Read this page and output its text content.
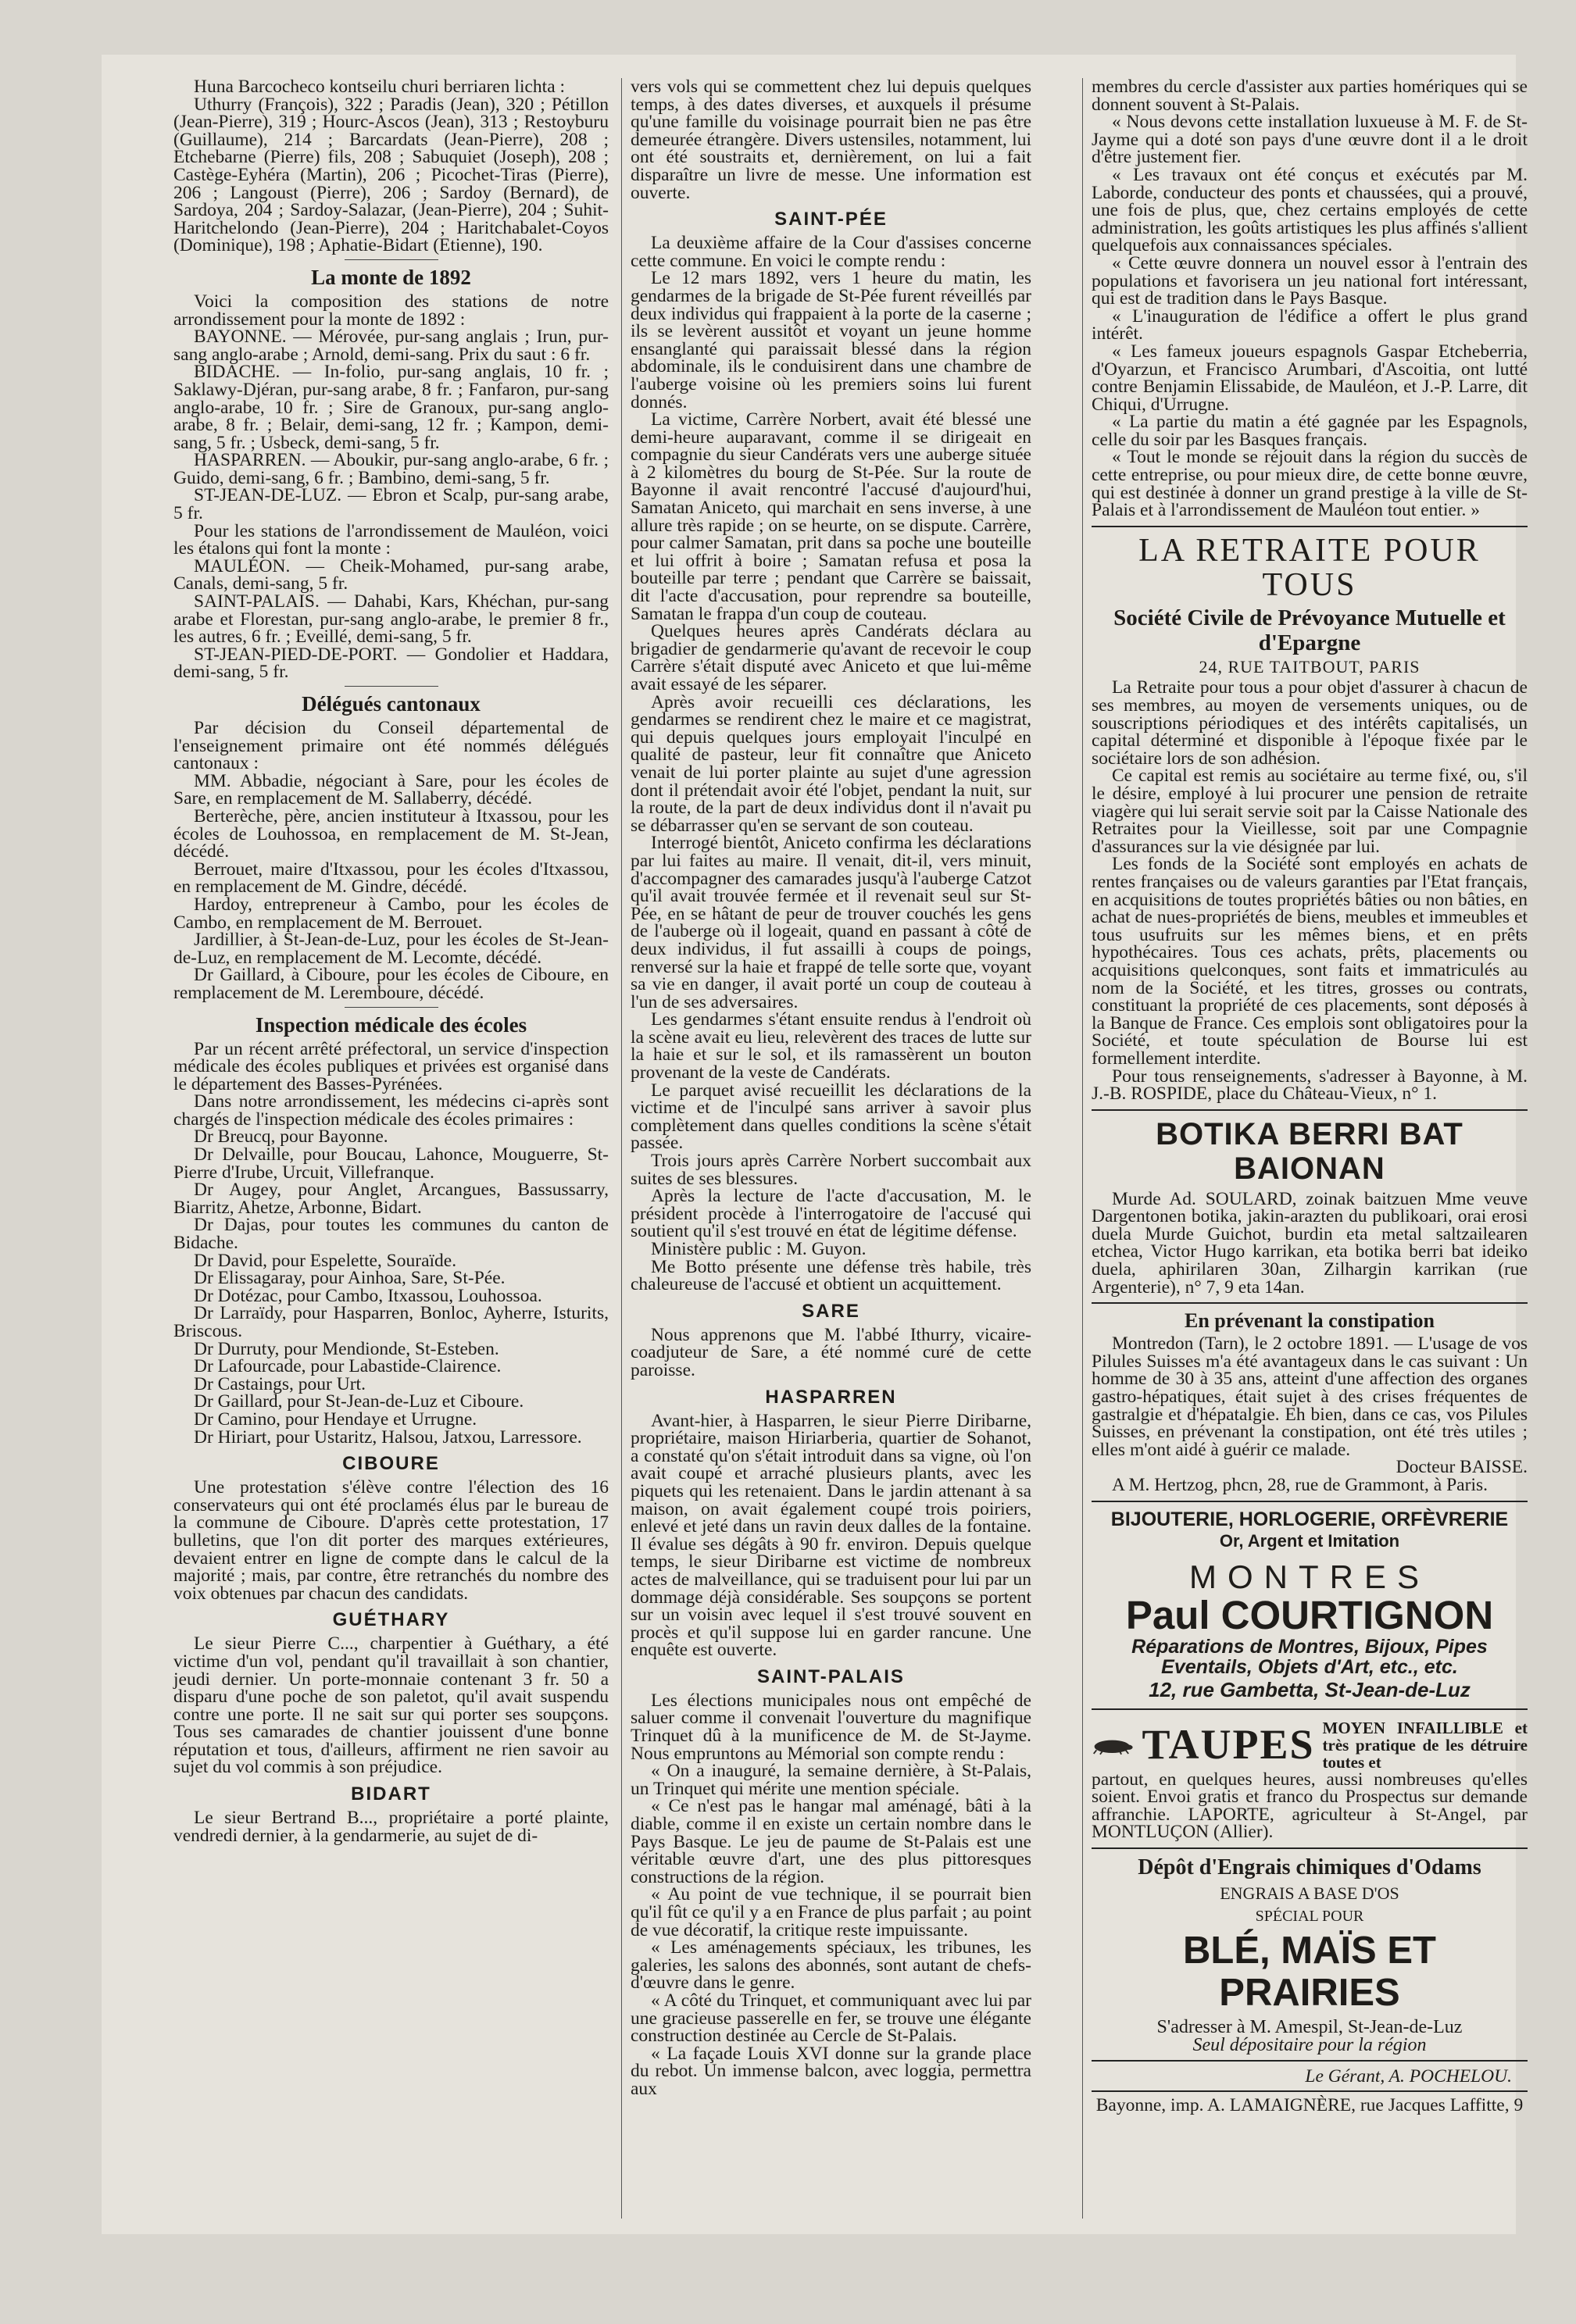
Huna Barcocheco kontseilu churi berriaren lichta :

Uthurry (François), 322 ; Paradis (Jean), 320 ; Pétillon (Jean-Pierre), 319 ; Hourc-Ascos (Jean), 313 ; Restoyburu (Guillaume), 214 ; Barcardats (Jean-Pierre), 208 ; Etchebarne (Pierre) fils, 208 ; Sabuquiet (Joseph), 208 ; Castège-Eyhéra (Martin), 206 ; Picochet-Tiras (Pierre), 206 ; Langoust (Pierre), 206 ; Sardoy (Bernard), de Sardoya, 204 ; Sardoy-Salazar, (Jean-Pierre), 204 ; Suhit-Haritchelondo (Jean-Pierre), 204 ; Haritchabalet-Coyos (Dominique), 198 ; Aphatie-Bidart (Etienne), 190.

La monte de 1892

Voici la composition des stations de notre arrondissement pour la monte de 1892 :

BAYONNE. — Mérovée, pur-sang anglais ; Irun, pur-sang anglo-arabe ; Arnold, demi-sang. Prix du saut : 6 fr.

BIDACHE. — In-folio, pur-sang anglais, 10 fr. ; Saklawy-Djéran, pur-sang arabe, 8 fr. ; Fanfaron, pur-sang anglo-arabe, 10 fr. ; Sire de Granoux, pur-sang anglo-arabe, 8 fr. ; Belair, demi-sang, 12 fr. ; Kampon, demi-sang, 5 fr. ; Usbeck, demi-sang, 5 fr.

HASPARREN. — Aboukir, pur-sang anglo-arabe, 6 fr. ; Guido, demi-sang, 6 fr. ; Bambino, demi-sang, 5 fr.

ST-JEAN-DE-LUZ. — Ebron et Scalp, pur-sang arabe, 5 fr.

Pour les stations de l'arrondissement de Mauléon, voici les étalons qui font la monte :

MAULÉON. — Cheik-Mohamed, pur-sang arabe, Canals, demi-sang, 5 fr.

SAINT-PALAIS. — Dahabi, Kars, Khéchan, pur-sang arabe et Florestan, pur-sang anglo-arabe, le premier 8 fr., les autres, 6 fr. ; Eveillé, demi-sang, 5 fr.

ST-JEAN-PIED-DE-PORT. — Gondolier et Haddara, demi-sang, 5 fr.

Délégués cantonaux

Par décision du Conseil départemental de l'enseignement primaire ont été nommés délégués cantonaux :

MM. Abbadie, négociant à Sare, pour les écoles de Sare, en remplacement de M. Sallaberry, décédé.

Berterèche, père, ancien instituteur à Itxassou, pour les écoles de Louhossoa, en remplacement de M. St-Jean, décédé.

Berrouet, maire d'Itxassou, pour les écoles d'Itxassou, en remplacement de M. Gindre, décédé.

Hardoy, entrepreneur à Cambo, pour les écoles de Cambo, en remplacement de M. Berrouet.

Jardillier, à St-Jean-de-Luz, pour les écoles de St-Jean-de-Luz, en remplacement de M. Lecomte, décédé.

Dr Gaillard, à Ciboure, pour les écoles de Ciboure, en remplacement de M. Leremboure, décédé.

Inspection médicale des écoles

Par un récent arrêté préfectoral, un service d'inspection médicale des écoles publiques et privées est organisé dans le département des Basses-Pyrénées.

Dans notre arrondissement, les médecins ci-après sont chargés de l'inspection médicale des écoles primaires :

Dr Breucq, pour Bayonne.

Dr Delvaille, pour Boucau, Lahonce, Mouguerre, St-Pierre d'Irube, Urcuit, Villefranque.

Dr Augey, pour Anglet, Arcangues, Bassussarry, Biarritz, Ahetze, Arbonne, Bidart.

Dr Dajas, pour toutes les communes du canton de Bidache.

Dr David, pour Espelette, Souraïde.

Dr Elissagaray, pour Ainhoa, Sare, St-Pée.

Dr Dotézac, pour Cambo, Itxassou, Louhossoa.

Dr Larraïdy, pour Hasparren, Bonloc, Ayherre, Isturits, Briscous.

Dr Durruty, pour Mendionde, St-Esteben.

Dr Lafourcade, pour Labastide-Clairence.

Dr Castaings, pour Urt.

Dr Gaillard, pour St-Jean-de-Luz et Ciboure.

Dr Camino, pour Hendaye et Urrugne.

Dr Hiriart, pour Ustaritz, Halsou, Jatxou, Larressore.

CIBOURE

Une protestation s'élève contre l'élection des 16 conservateurs qui ont été proclamés élus par le bureau de la commune de Ciboure. D'après cette protestation, 17 bulletins, que l'on dit porter des marques extérieures, devaient entrer en ligne de compte dans le calcul de la majorité ; mais, par contre, être retranchés du nombre des voix obtenues par chacun des candidats.

GUÉTHARY

Le sieur Pierre C..., charpentier à Guéthary, a été victime d'un vol, pendant qu'il travaillait à son chantier, jeudi dernier. Un porte-monnaie contenant 3 fr. 50 a disparu d'une poche de son paletot, qu'il avait suspendu contre une porte. Il ne sait sur qui porter ses soupçons. Tous ses camarades de chantier jouissent d'une bonne réputation et tous, d'ailleurs, affirment ne rien savoir au sujet du vol commis à son préjudice.

BIDART

Le sieur Bertrand B..., propriétaire a porté plainte, vendredi dernier, à la gendarmerie, au sujet de di-

vers vols qui se commettent chez lui depuis quelques temps, à des dates diverses, et auxquels il présume qu'une famille du voisinage pourrait bien ne pas être demeurée étrangère. Divers ustensiles, notamment, lui ont été soustraits et, dernièrement, on lui a fait disparaître un livre de messe. Une information est ouverte.

SAINT-PÉE

La deuxième affaire de la Cour d'assises concerne cette commune. En voici le compte rendu :

Le 12 mars 1892, vers 1 heure du matin, les gendarmes de la brigade de St-Pée furent réveillés par deux individus qui frappaient à la porte de la caserne ; ils se levèrent aussitôt et voyant un jeune homme ensanglanté qui paraissait blessé dans la région abdominale, ils le conduisirent dans une chambre de l'auberge voisine où les premiers soins lui furent donnés.

La victime, Carrère Norbert, avait été blessé une demi-heure auparavant, comme il se dirigeait en compagnie du sieur Candérats vers une auberge située à 2 kilomètres du bourg de St-Pée. Sur la route de Bayonne il avait rencontré l'accusé d'aujourd'hui, Samatan Aniceto, qui marchait en sens inverse, à une allure très rapide ; on se heurte, on se dispute. Carrère, pour calmer Samatan, prit dans sa poche une bouteille et lui offrit à boire ; Samatan refusa et posa la bouteille par terre ; pendant que Carrère se baissait, dit l'acte d'accusation, pour reprendre sa bouteille, Samatan le frappa d'un coup de couteau.

Quelques heures après Candérats déclara au brigadier de gendarmerie qu'avant de recevoir le coup Carrère s'était disputé avec Aniceto et que lui-même avait essayé de les séparer.

Après avoir recueilli ces déclarations, les gendarmes se rendirent chez le maire et ce magistrat, qui depuis quelques jours employait l'inculpé en qualité de pasteur, leur fit connaître que Aniceto venait de lui porter plainte au sujet d'une agression dont il prétendait avoir été l'objet, pendant la nuit, sur la route, de la part de deux individus dont il n'avait pu se débarrasser qu'en se servant de son couteau.

Interrogé bientôt, Aniceto confirma les déclarations par lui faites au maire. Il venait, dit-il, vers minuit, d'accompagner des camarades jusqu'à l'auberge Catzot qu'il avait trouvée fermée et il revenait seul sur St-Pée, en se hâtant de peur de trouver couchés les gens de l'auberge où il logeait, quand en passant à côté de deux individus, il fut assailli à coups de poings, renversé sur la haie et frappé de telle sorte que, voyant sa vie en danger, il avait porté un coup de couteau à l'un de ses adversaires.

Les gendarmes s'étant ensuite rendus à l'endroit où la scène avait eu lieu, relevèrent des traces de lutte sur la haie et sur le sol, et ils ramassèrent un bouton provenant de la veste de Candérats.

Le parquet avisé recueillit les déclarations de la victime et de l'inculpé sans arriver à savoir plus complètement dans quelles conditions la scène s'était passée.

Trois jours après Carrère Norbert succombait aux suites de ses blessures.

Après la lecture de l'acte d'accusation, M. le président procède à l'interrogatoire de l'accusé qui soutient qu'il s'est trouvé en état de légitime défense.

Ministère public : M. Guyon.

Me Botto présente une défense très habile, très chaleureuse de l'accusé et obtient un acquittement.

SARE

Nous apprenons que M. l'abbé Ithurry, vicaire-coadjuteur de Sare, a été nommé curé de cette paroisse.

HASPARREN

Avant-hier, à Hasparren, le sieur Pierre Diribarne, propriétaire, maison Hiriarberia, quartier de Sohanot, a constaté qu'on s'était introduit dans sa vigne, où l'on avait coupé et arraché plusieurs plants, avec les piquets qui les retenaient. Dans le jardin attenant à sa maison, on avait également coupé trois poiriers, enlevé et jeté dans un ravin deux dalles de la fontaine. Il évalue ses dégâts à 90 fr. environ. Depuis quelque temps, le sieur Diribarne est victime de nombreux actes de malveillance, qui se traduisent pour lui par un dommage déjà considérable. Ses soupçons se portent sur un voisin avec lequel il s'est trouvé souvent en procès et qu'il suppose lui en garder rancune. Une enquête est ouverte.

SAINT-PALAIS

Les élections municipales nous ont empêché de saluer comme il convenait l'ouverture du magnifique Trinquet dû à la munificence de M. de St-Jayme. Nous empruntons au Mémorial son compte rendu :

« On a inauguré, la semaine dernière, à St-Palais, un Trinquet qui mérite une mention spéciale.

« Ce n'est pas le hangar mal aménagé, bâti à la diable, comme il en existe un certain nombre dans le Pays Basque. Le jeu de paume de St-Palais est une véritable œuvre d'art, une des plus pittoresques constructions de la région.

« Au point de vue technique, il se pourrait bien qu'il fût ce qu'il y a en France de plus parfait ; au point de vue décoratif, la critique reste impuissante.

« Les aménagements spéciaux, les tribunes, les galeries, les salons des abonnés, sont autant de chefs-d'œuvre dans le genre.

« A côté du Trinquet, et communiquant avec lui par une gracieuse passerelle en fer, se trouve une élégante construction destinée au Cercle de St-Palais.

« La façade Louis XVI donne sur la grande place du rebot. Un immense balcon, avec loggia, permettra aux

membres du cercle d'assister aux parties homériques qui se donnent souvent à St-Palais.

« Nous devons cette installation luxueuse à M. F. de St-Jayme qui a doté son pays d'une œuvre dont il a le droit d'être justement fier.

« Les travaux ont été conçus et exécutés par M. Laborde, conducteur des ponts et chaussées, qui a prouvé, une fois de plus, que, chez certains employés de cette administration, les goûts artistiques les plus affinés s'allient quelquefois aux connaissances spéciales.

« Cette œuvre donnera un nouvel essor à l'entrain des populations et favorisera un jeu national fort intéressant, qui est de tradition dans le Pays Basque.

« L'inauguration de l'édifice a offert le plus grand intérêt.

« Les fameux joueurs espagnols Gaspar Etcheberria, d'Oyarzun, et Francisco Arumbari, d'Ascoitia, ont lutté contre Benjamin Elissabide, de Mauléon, et J.-P. Larre, dit Chiqui, d'Urrugne.

« La partie du matin a été gagnée par les Espagnols, celle du soir par les Basques français.

« Tout le monde se réjouit dans la région du succès de cette entreprise, ou pour mieux dire, de cette bonne œuvre, qui est destinée à donner un grand prestige à la ville de St-Palais et à l'arrondissement de Mauléon tout entier. »

LA RETRAITE POUR TOUS

Société Civile de Prévoyance Mutuelle et d'Epargne

24, RUE TAITBOUT, PARIS

La Retraite pour tous a pour objet d'assurer à chacun de ses membres, au moyen de versements uniques, ou de souscriptions périodiques et des intérêts capitalisés, un capital déterminé et disponible à l'époque fixée par le sociétaire lors de son adhésion.

Ce capital est remis au sociétaire au terme fixé, ou, s'il le désire, employé à lui procurer une pension de retraite viagère qui lui serait servie soit par la Caisse Nationale des Retraites pour la Vieillesse, soit par une Compagnie d'assurances sur la vie désignée par lui.

Les fonds de la Société sont employés en achats de rentes françaises ou de valeurs garanties par l'Etat français, en acquisitions de toutes propriétés bâties ou non bâties, en achat de nues-propriétés de biens, meubles et immeubles et tous usufruits sur les mêmes biens, et en prêts hypothécaires. Tous ces achats, prêts, placements ou acquisitions quelconques, sont faits et immatriculés au nom de la Société, et les titres, grosses ou contrats, constituant la propriété de ces placements, sont déposés à la Banque de France. Ces emplois sont obligatoires pour la Société, et toute spéculation de Bourse lui est formellement interdite.

Pour tous renseignements, s'adresser à Bayonne, à M. J.-B. ROSPIDE, place du Château-Vieux, n° 1.

BOTIKA BERRI BAT BAIONAN

Murde Ad. SOULARD, zoinak baitzuen Mme veuve Dargentonen botika, jakin-arazten du publikoari, orai erosi duela Murde Guichot, burdin eta metal saltzailearen etchea, Victor Hugo karrikan, eta botika berri bat ideiko duela, aphirilaren 30an, Zilhargin karrikan (rue Argenterie), n° 7, 9 eta 14an.

En prévenant la constipation

Montredon (Tarn), le 2 octobre 1891. — L'usage de vos Pilules Suisses m'a été avantageux dans le cas suivant : Un homme de 30 à 35 ans, atteint d'une affection des organes gastro-hépatiques, était sujet à des crises fréquentes de gastralgie et d'hépatalgie. Eh bien, dans ce cas, vos Pilules Suisses, en prévenant la constipation, ont été très utiles ; elles m'ont aidé à guérir ce malade.

Docteur BAISSE.

A M. Hertzog, phcn, 28, rue de Grammont, à Paris.

BIJOUTERIE, HORLOGERIE, ORFÈVRERIE

Or, Argent et Imitation

MONTRES

Paul COURTIGNON

Réparations de Montres, Bijoux, Pipes Eventails, Objets d'Art, etc., etc.

12, rue Gambetta, St-Jean-de-Luz

TAUPES MOYEN INFAILLIBLE et très pratique de les détruire toutes et

partout, en quelques heures, aussi nombreuses qu'elles soient. Envoi gratis et franco du Prospectus sur demande affranchie. LAPORTE, agriculteur à St-Angel, par MONTLUÇON (Allier).

Dépôt d'Engrais chimiques d'Odams

ENGRAIS A BASE D'OS

SPÉCIAL POUR

BLÉ, MAÏS ET PRAIRIES

S'adresser à M. Amespil, St-Jean-de-Luz

Seul dépositaire pour la région

Le Gérant, A. POCHELOU.

Bayonne, imp. A. LAMAIGNÈRE, rue Jacques Laffitte, 9
